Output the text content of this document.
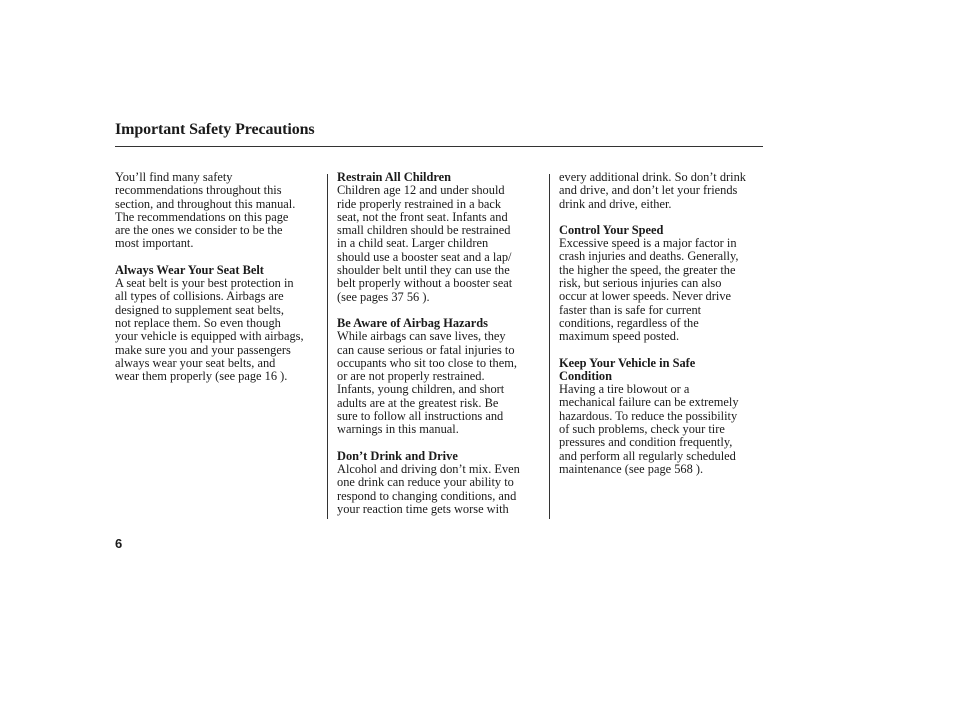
Important Safety Precautions

You’ll find many safety

recommendations throughout this

section, and throughout this manual.

The recommendations on this page

are the ones we consider to be the

most important.

Always Wear Your Seat Belt

A seat belt is your best protection in

all types of collisions. Airbags are

designed to supplement seat belts,

not replace them. So even though

your vehicle is equipped with airbags,

make sure you and your passengers

always wear your seat belts, and

wear them properly (see page 16 ).

Restrain All Children

Children age 12 and under should

ride properly restrained in a back

seat, not the front seat. Infants and

small children should be restrained

in a child seat. Larger children

should use a booster seat and a lap/

shoulder belt until they can use the

belt properly without a booster seat

(see pages 37 56 ).

Be Aware of Airbag Hazards

While airbags can save lives, they

can cause serious or fatal injuries to

occupants who sit too close to them,

or are not properly restrained.

Infants, young children, and short

adults are at the greatest risk. Be

sure to follow all instructions and

warnings in this manual.

Don’t Drink and Drive

Alcohol and driving don’t mix. Even

one drink can reduce your ability to

respond to changing conditions, and

your reaction time gets worse with

every additional drink. So don’t drink

and drive, and don’t let your friends

drink and drive, either.

Control Your Speed

Excessive speed is a major factor in

crash injuries and deaths. Generally,

the higher the speed, the greater the

risk, but serious injuries can also

occur at lower speeds. Never drive

faster than is safe for current

conditions, regardless of the

maximum speed posted.

Keep Your Vehicle in Safe

Condition

Having a tire blowout or a

mechanical failure can be extremely

hazardous. To reduce the possibility

of such problems, check your tire

pressures and condition frequently,

and perform all regularly scheduled

maintenance (see page 568 ).

6
